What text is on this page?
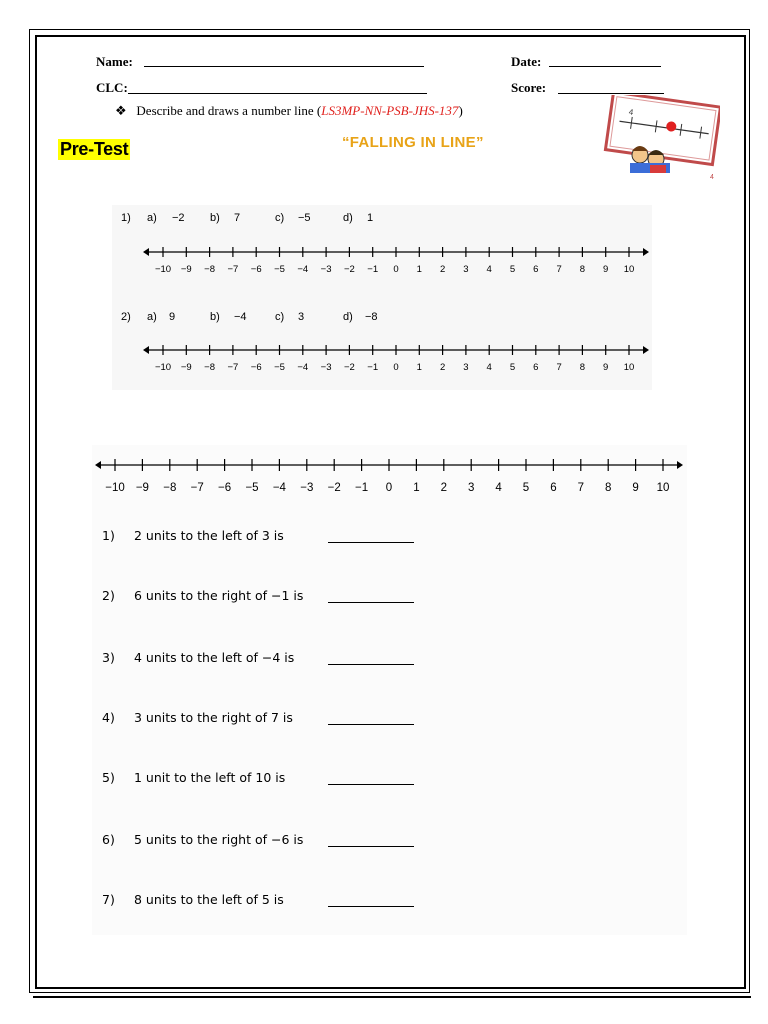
Name:	Date:
CLC:	Score:
❖ Describe and draws a number line (LS3MP-NN-PSB-JHS-137)
Pre-Test	“FALLING IN LINE”
4
4
1) a) −2 b) 7	c) −5	d) 1
−10 −9 −8 −7 −6 −5 −4 −3 −2 −1 0 1 2 3 4 5 6 7 8 9 10
2) a) 9	b) −4	c) 3	d) −8
−10 −9 −8 −7 −6 −5 −4 −3 −2 −1 0 1 2 3 4 5 6 7 8 9 10
−10 −9 −8 −7 −6 −5 −4 −3 −2 −1 0 1 2 3 4 5 6 7 8 9 10
1) 2 units to the left of 3 is
2) 6 units to the right of −1 is
3) 4 units to the left of −4 is
4) 3 units to the right of 7 is
5) 1 unit to the left of 10 is
6) 5 units to the right of −6 is
7) 8 units to the left of 5 is
